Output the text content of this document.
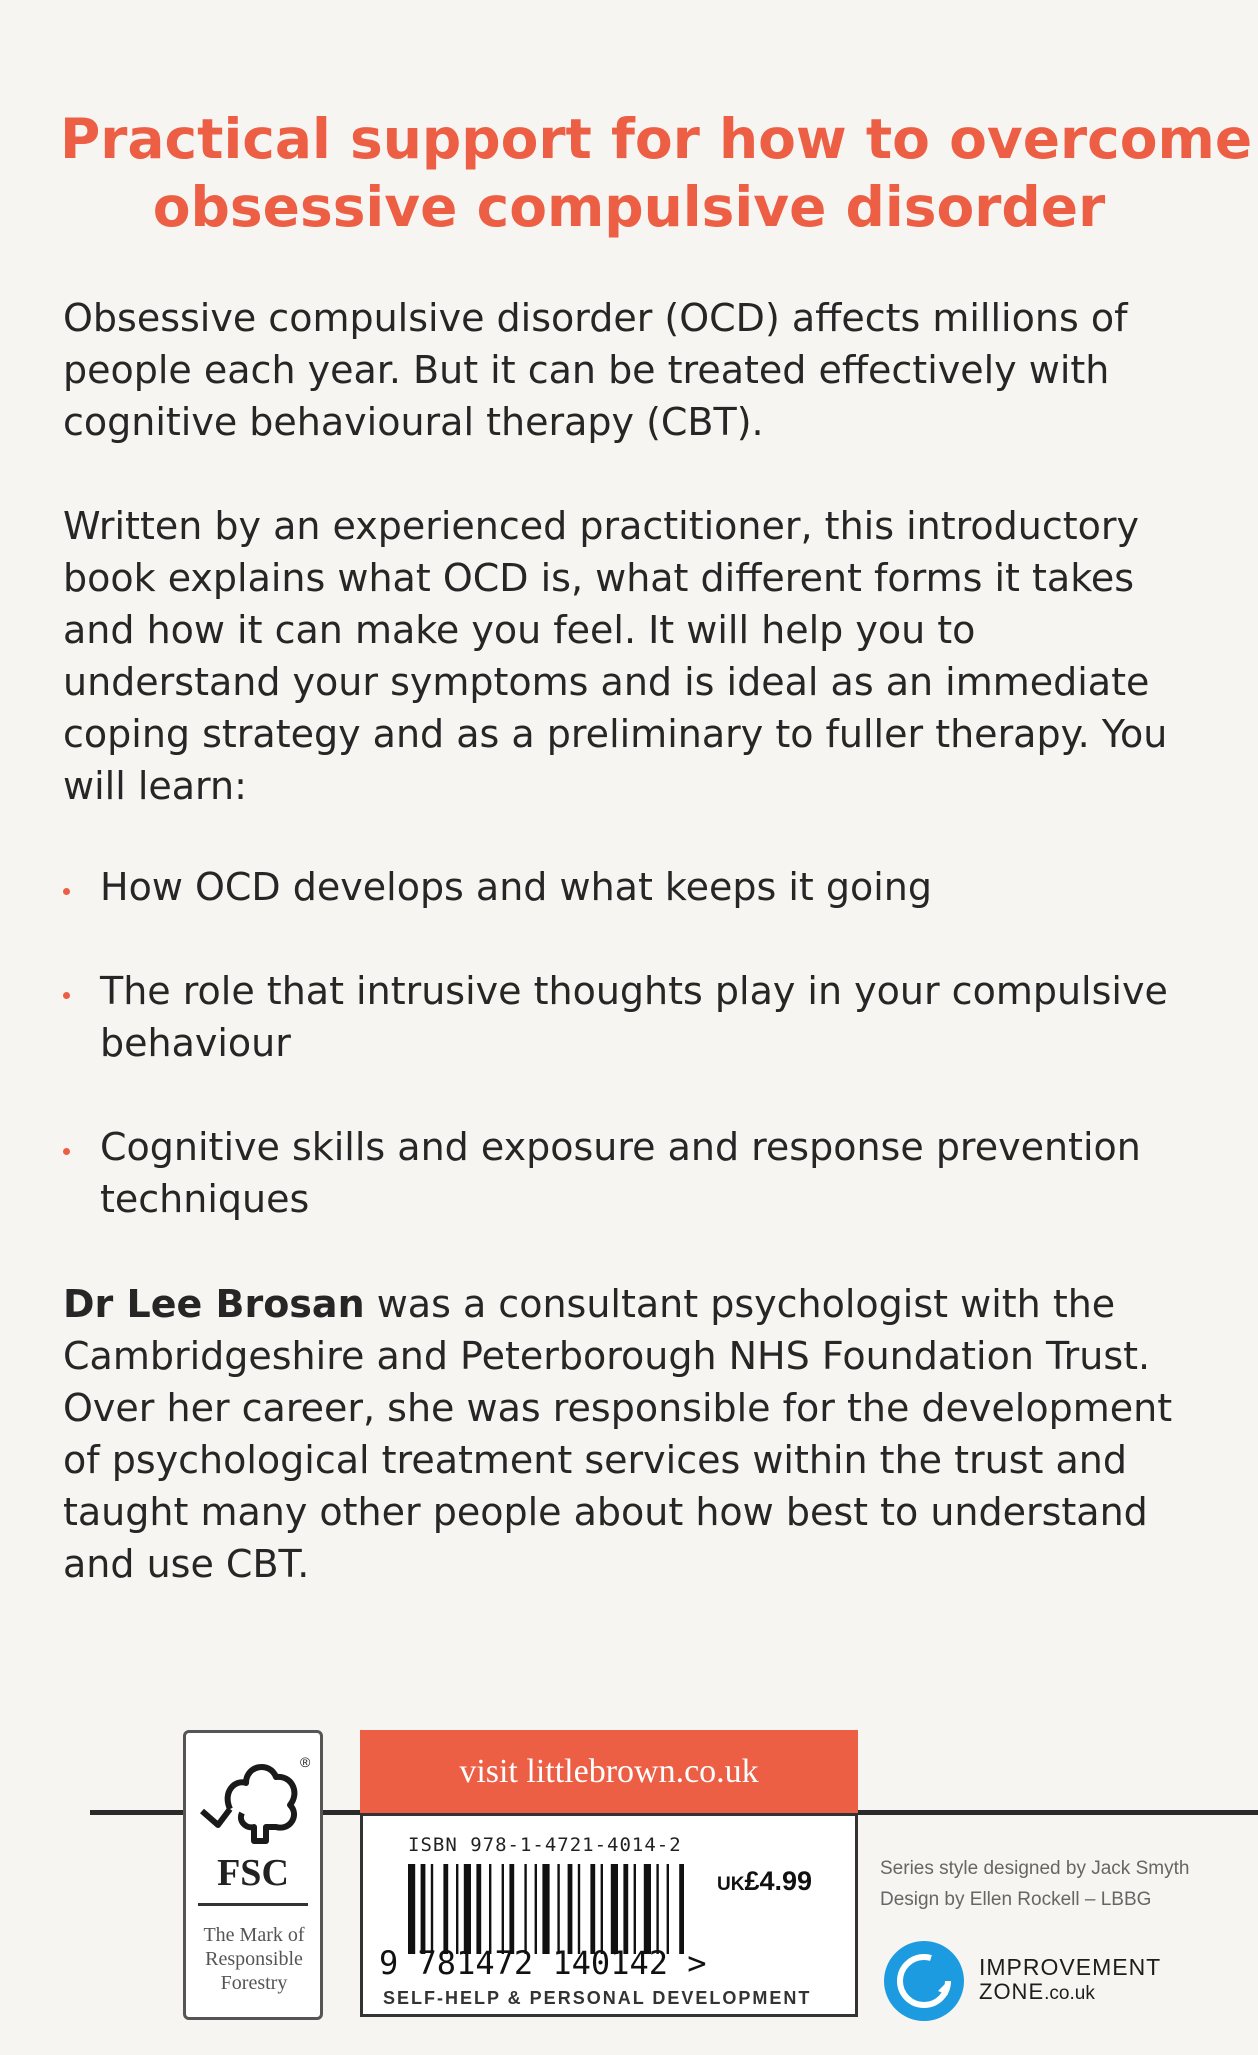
Practical support for how to overcome
obsessive compulsive disorder
Obsessive compulsive disorder (OCD) affects millions of people each year. But it can be treated effectively with cognitive behavioural therapy (CBT).
Written by an experienced practitioner, this introductory book explains what OCD is, what different forms it takes and how it can make you feel. It will help you to understand your symptoms and is ideal as an immediate coping strategy and as a preliminary to fuller therapy. You will learn:
How OCD develops and what keeps it going
The role that intrusive thoughts play in your compulsive behaviour
Cognitive skills and exposure and response prevention techniques
Dr Lee Brosan was a consultant psychologist with the Cambridgeshire and Peterborough NHS Foundation Trust. Over her career, she was responsible for the development of psychological treatment services within the trust and taught many other people about how best to understand and use CBT.
®
FSC
The Mark of Responsible Forestry
visit littlebrown.co.uk
ISBN 978-1-4721-4014-2
9 781472 140142 >
UK£4.99
SELF-HELP & PERSONAL DEVELOPMENT
Series style designed by Jack Smyth
Design by Ellen Rockell – LBBG
IMPROVEMENT
ZONE.co.uk
